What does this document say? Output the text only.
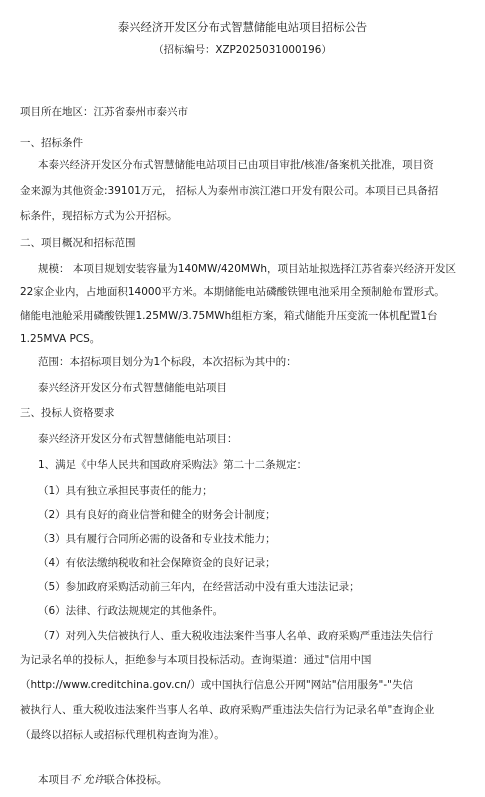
泰兴经济开发区分布式智慧储能电站项目招标公告
（招标编号：XZP2025031000196）
项目所在地区：江苏省泰州市泰兴市
一、招标条件
本泰兴经济开发区分布式智慧储能电站项目已由项目审批/核准/备案机关批准，项目资
金来源为其他资金:39101万元， 招标人为泰州市滨江港口开发有限公司。本项目已具备招
标条件，现招标方式为公开招标。
二、项目概况和招标范围
规模： 本项目规划安装容量为140MW/420MWh，项目站址拟选择江苏省泰兴经济开发区
22家企业内，占地面积14000平方米。本期储能电站磷酸铁锂电池采用全预制舱布置形式。
储能电池舱采用磷酸铁锂1.25MW/3.75MWh组柜方案，箱式储能升压变流一体机配置1台
1.25MVA PCS。
范围：本招标项目划分为1个标段，本次招标为其中的：
泰兴经济开发区分布式智慧储能电站项目
三、投标人资格要求
泰兴经济开发区分布式智慧储能电站项目：
1、满足《中华人民共和国政府采购法》第二十二条规定：
（1）具有独立承担民事责任的能力；
（2）具有良好的商业信誉和健全的财务会计制度；
（3）具有履行合同所必需的设备和专业技术能力；
（4）有依法缴纳税收和社会保障资金的良好记录；
（5）参加政府采购活动前三年内，在经营活动中没有重大违法记录；
（6）法律、行政法规规定的其他条件。
（7）对列入失信被执行人、重大税收违法案件当事人名单、政府采购严重违法失信行
为记录名单的投标人，拒绝参与本项目投标活动。查询渠道：通过"信用中国
（http://www.creditchina.gov.cn/）或中国执行信息公开网"网站"信用服务"-"失信
被执行人、重大税收违法案件当事人名单、政府采购严重违法失信行为记录名单"查询企业
（最终以招标人或招标代理机构查询为准）。
本项目不 允许联合体投标。
